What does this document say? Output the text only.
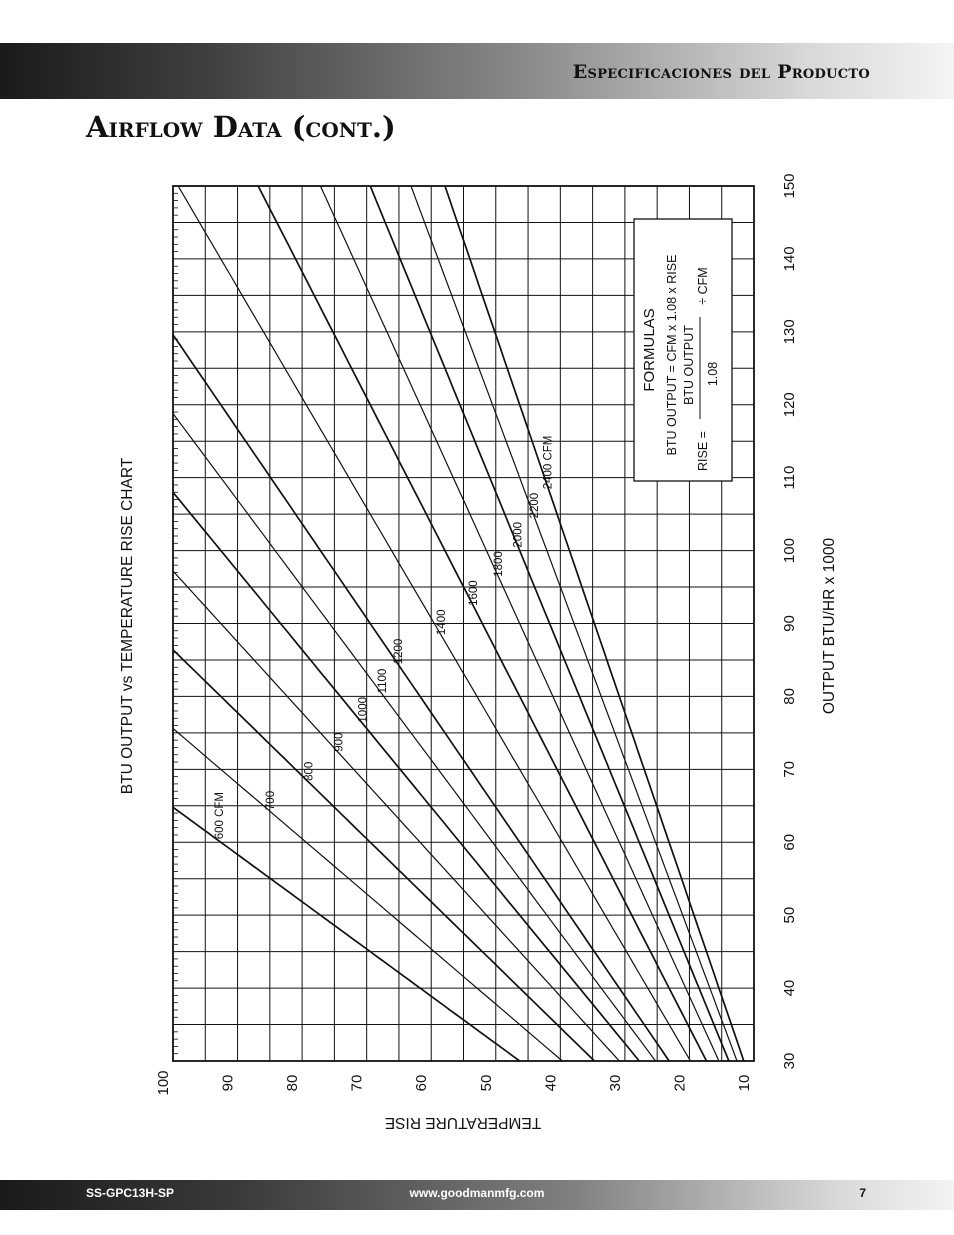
Especificaciones del Producto
Airflow Data (cont.)
30
40
50
60
70
80
90
100
110
120
130
140
150
10
20
30
40
50
60
70
80
90
100
600 CFM	700
800
900
1000
1100
1200
1400
1600
1800
2000
2200
2400 CFM
BTU OUTPUT vs TEMPERATURE RISE CHART	OUTPUT BTU/HR x 1000
TEMPERATURE RISE
FORMULAS BTU OUTPUT = CFM x 1.08 x RISE RISE =
BTU OUTPUT 1.08
÷ CFM
SS-GPC13H-SP	www.goodmanmfg.com	7
